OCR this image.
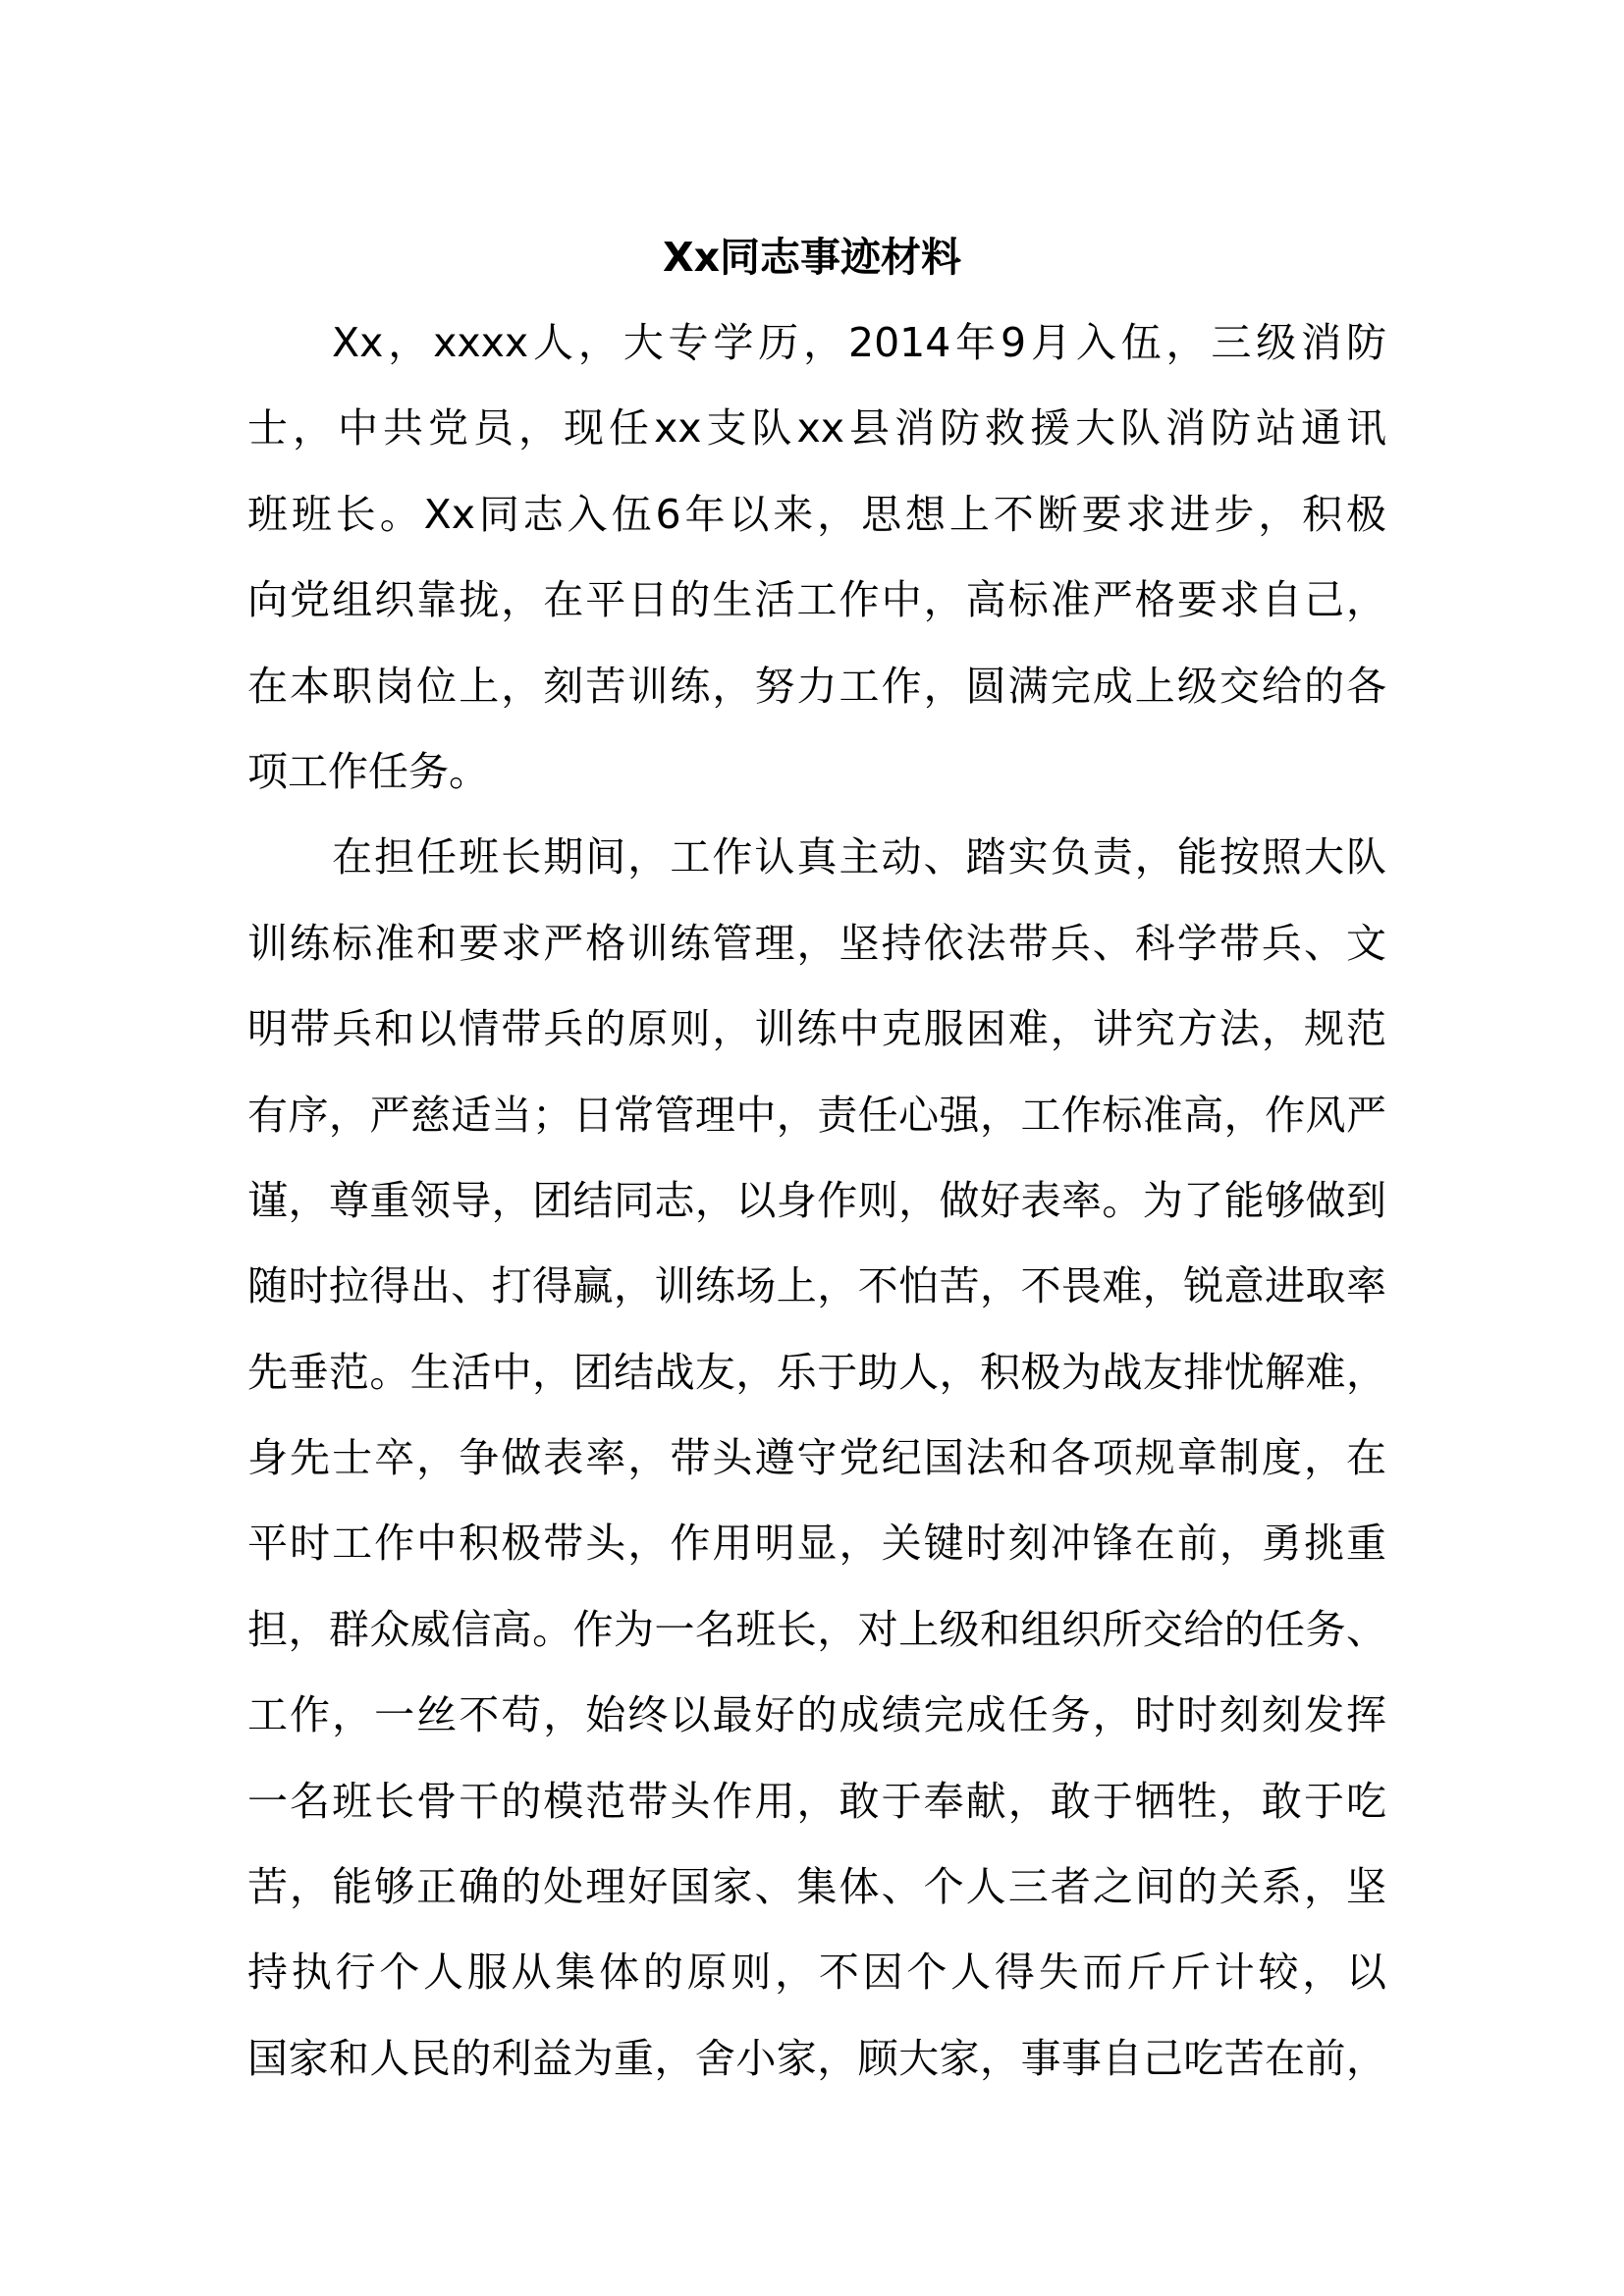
Xx同志事迹材料
Xx，xxxx人，大专学历，2014年9月入伍，三级消防
士，中共党员，现任xx支队xx县消防救援大队消防站通讯
班班长。Xx同志入伍6年以来，思想上不断要求进步，积极
向党组织靠拢，在平日的生活工作中，高标准严格要求自己，
在本职岗位上，刻苦训练，努力工作，圆满完成上级交给的各
项工作任务。
在担任班长期间，工作认真主动、踏实负责，能按照大队
训练标准和要求严格训练管理，坚持依法带兵、科学带兵、文
明带兵和以情带兵的原则，训练中克服困难，讲究方法，规范
有序，严慈适当；日常管理中，责任心强，工作标准高，作风严
谨，尊重领导，团结同志，以身作则，做好表率。为了能够做到
随时拉得出、打得赢，训练场上，不怕苦，不畏难，锐意进取率
先垂范。生活中，团结战友，乐于助人，积极为战友排忧解难，
身先士卒，争做表率，带头遵守党纪国法和各项规章制度，在
平时工作中积极带头，作用明显，关键时刻冲锋在前，勇挑重
担，群众威信高。作为一名班长，对上级和组织所交给的任务、
工作，一丝不苟，始终以最好的成绩完成任务，时时刻刻发挥
一名班长骨干的模范带头作用，敢于奉献，敢于牺牲，敢于吃
苦，能够正确的处理好国家、集体、个人三者之间的关系，坚
持执行个人服从集体的原则，不因个人得失而斤斤计较，以
国家和人民的利益为重，舍小家，顾大家，事事自己吃苦在前，
